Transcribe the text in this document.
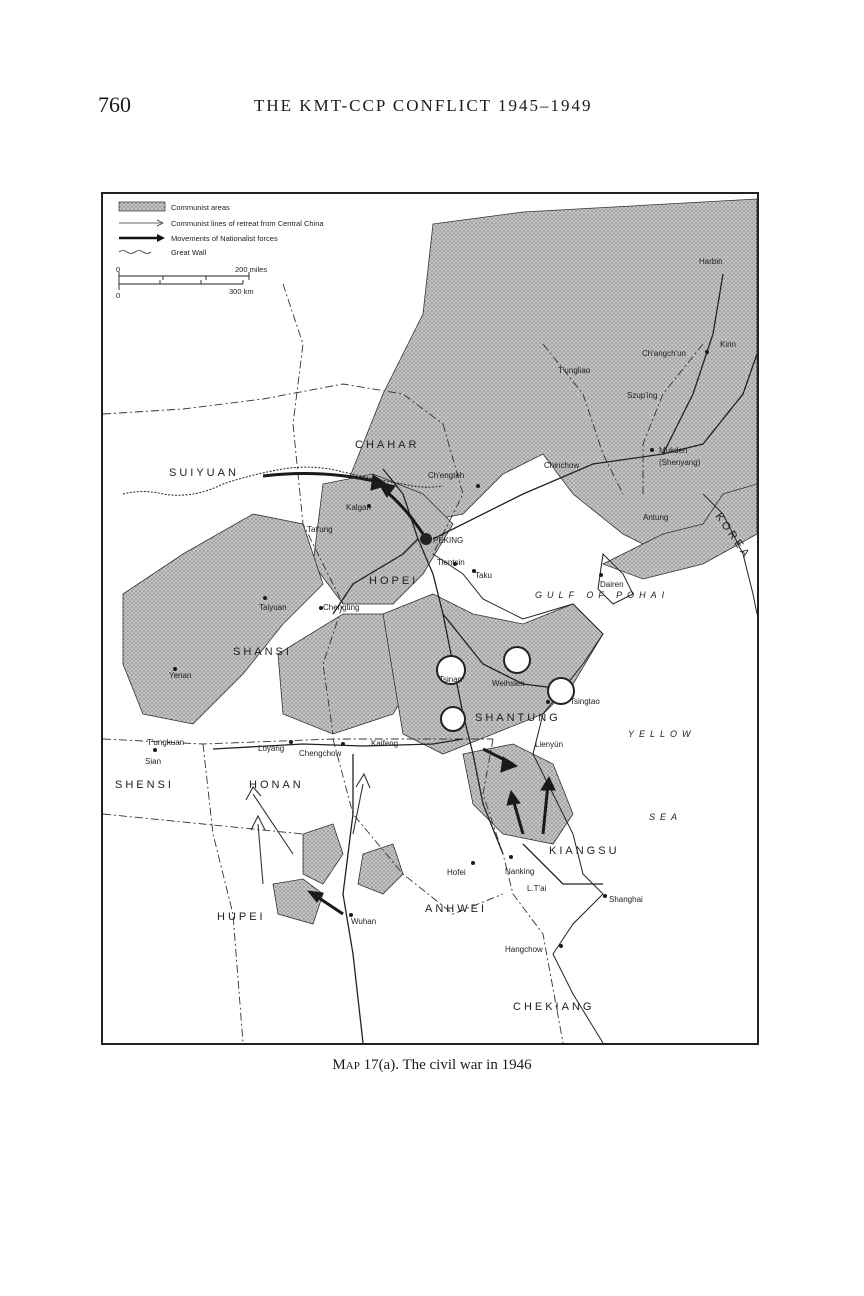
760	THE KMT-CCP CONFLICT 1945–1949
Communist areas
Communist lines of retreat from Central China
Movements of Nationalist forces
Great Wall
0	200 miles
0	300 km
SUIYUAN
CHAHAR
HOPEI
SHANSI
SHANTUNG
SHENSI	HONAN
HUPEI
ANHWEI
KIANGSU
CHEKIANG
KOREA
GULF OF POHAI
YELLOW
SEA
Harbin
Kirin
Ch'angch'un
T'ungliao
Szup'ing
Mukden
(Shenyang)
Ch'engteh
Chinchow
Kalgan
Tat'ung
PEKING
Antung
Tientsin
Taku
Dairen
Taiyuan	Chengting
Yenan	Tsinan	Weihsien
Tsingtao
T'ungkuan
Sian
Loyang
Chengchow
Kaifeng	Lienyün
Hofei	Nanking
L.T'ai
Shanghai
Wuhan
Hangchow
Map 17(a). The civil war in 1946
